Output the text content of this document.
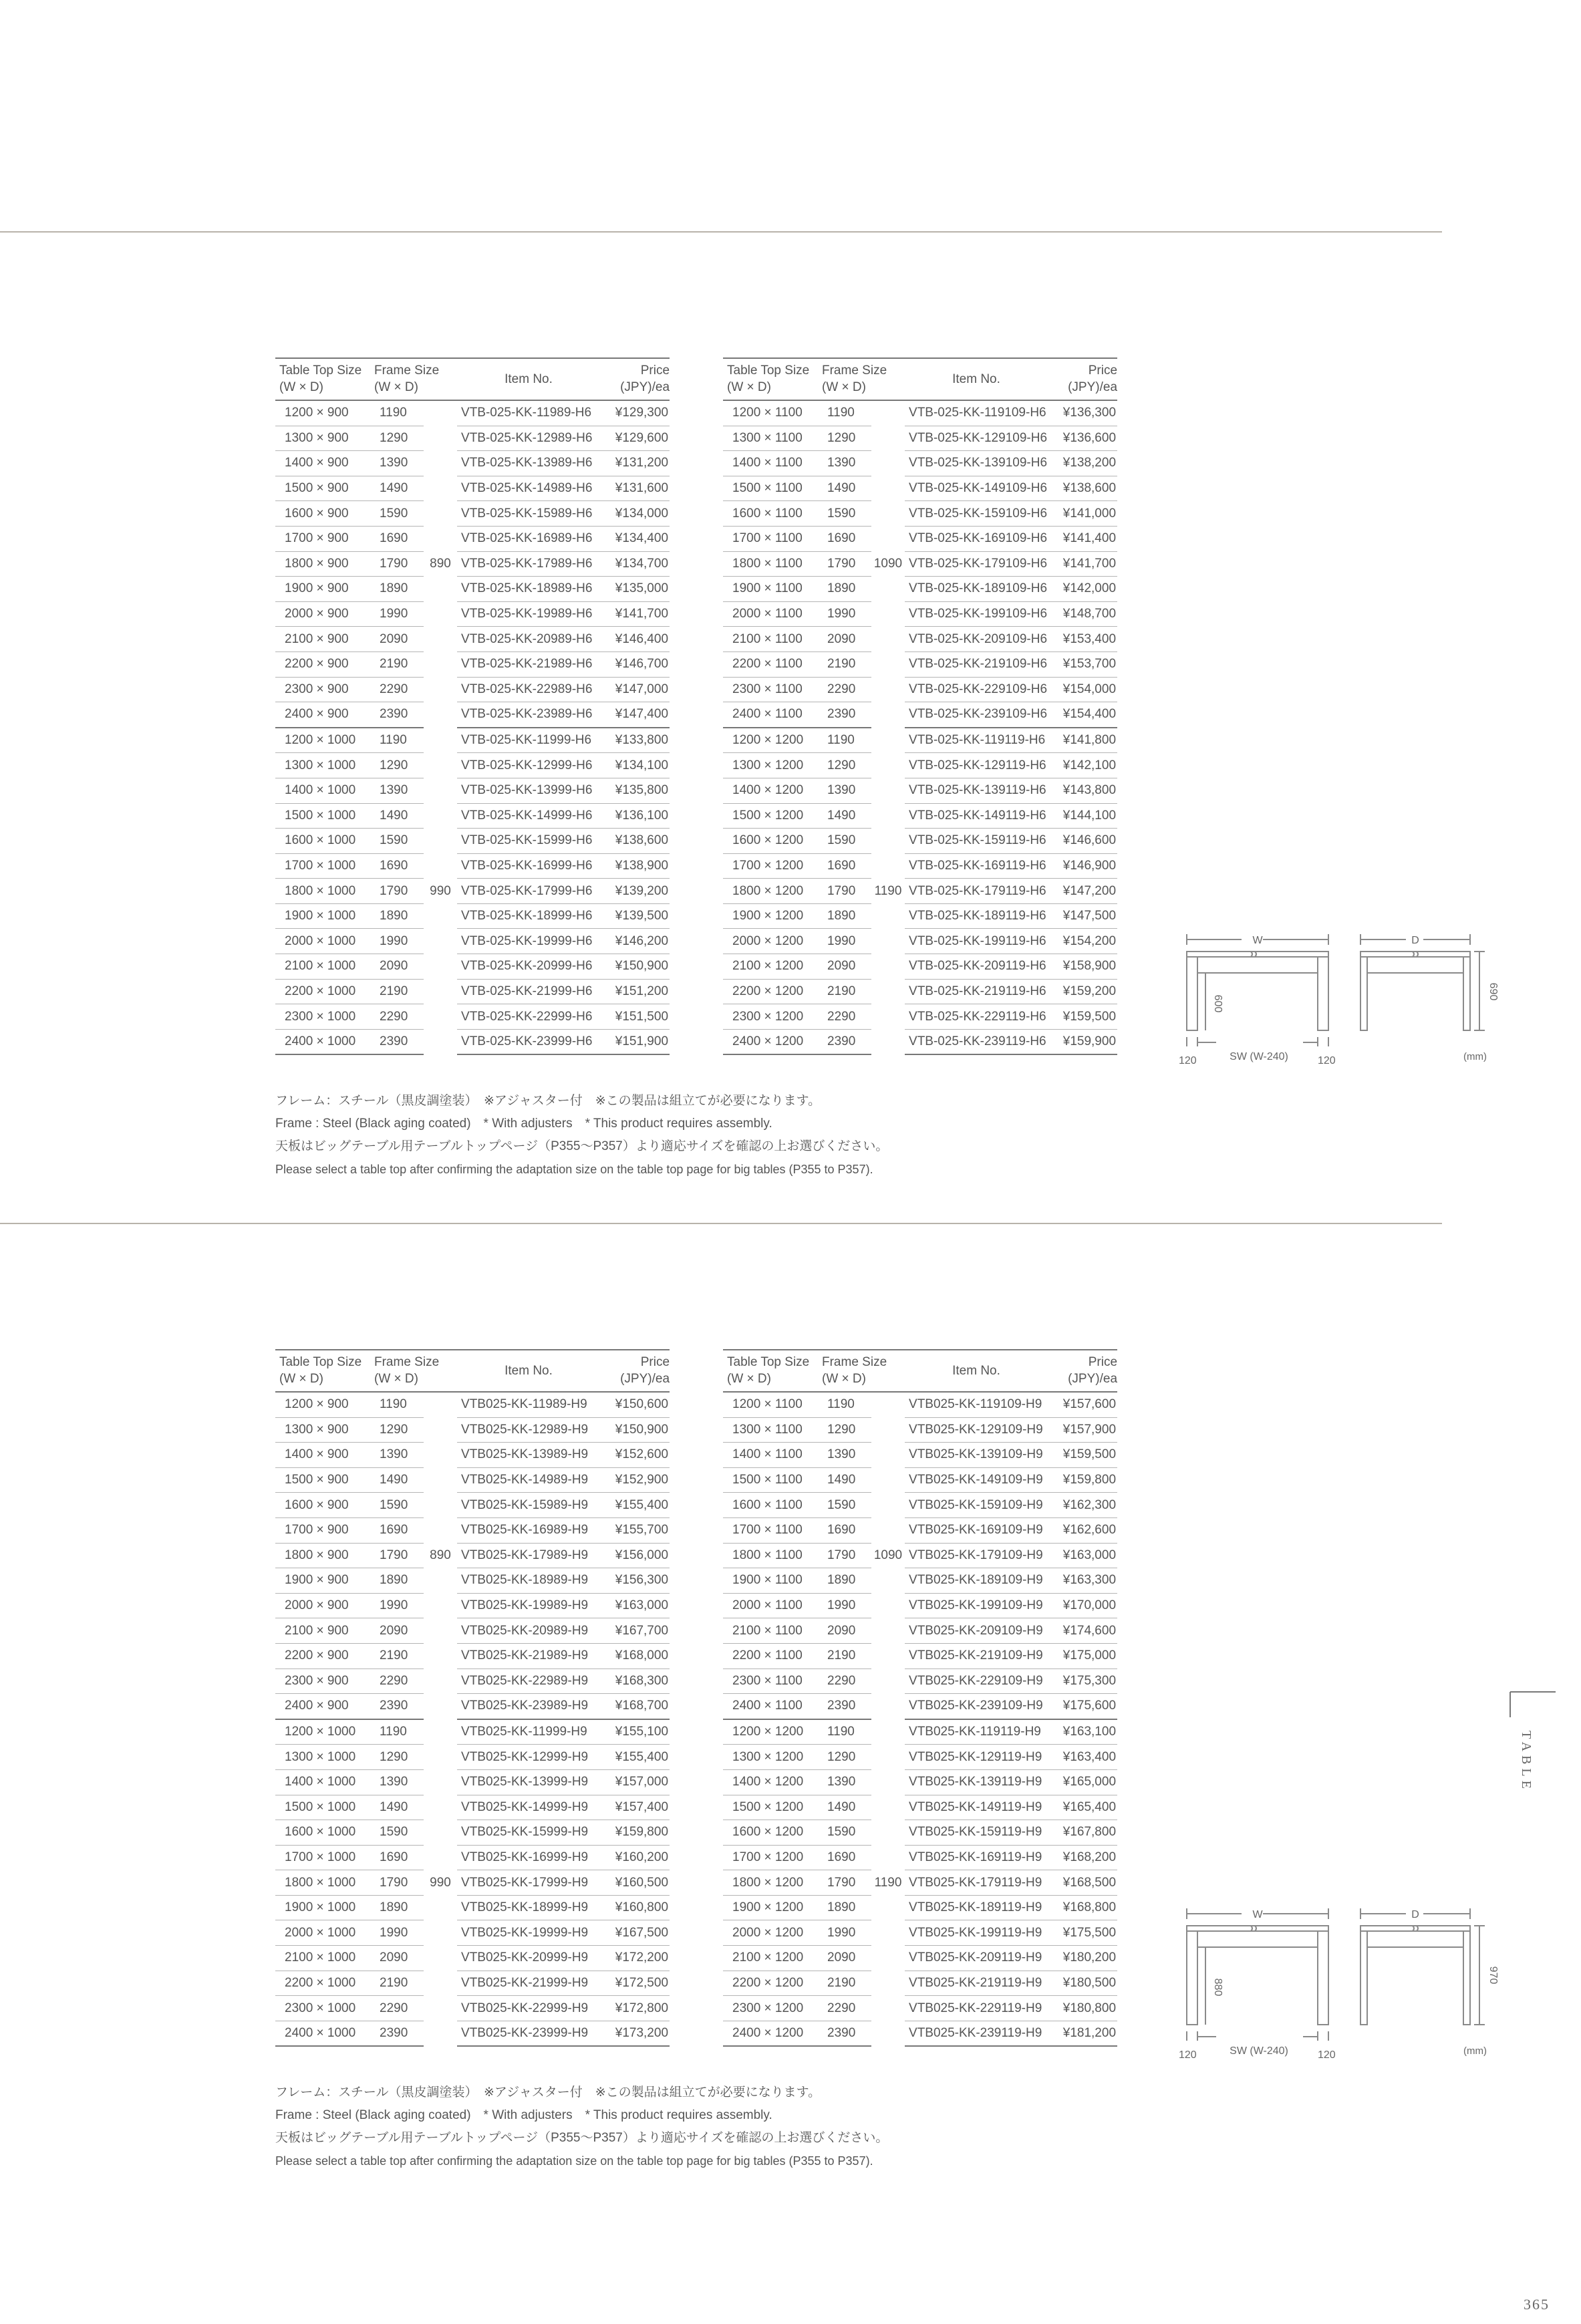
Table Top Size
(W × D)	Frame Size
(W × D)		Item No.	Price
(JPY)/ea

1200 × 900	1190	890	VTB-025-KK-11989-H6	¥129,300
1300 × 900	1290		VTB-025-KK-12989-H6	¥129,600
1400 × 900	1390		VTB-025-KK-13989-H6	¥131,200
1500 × 900	1490		VTB-025-KK-14989-H6	¥131,600
1600 × 900	1590		VTB-025-KK-15989-H6	¥134,000
1700 × 900	1690		VTB-025-KK-16989-H6	¥134,400
1800 × 900	1790		VTB-025-KK-17989-H6	¥134,700
1900 × 900	1890		VTB-025-KK-18989-H6	¥135,000
2000 × 900	1990		VTB-025-KK-19989-H6	¥141,700
2100 × 900	2090		VTB-025-KK-20989-H6	¥146,400
2200 × 900	2190		VTB-025-KK-21989-H6	¥146,700
2300 × 900	2290		VTB-025-KK-22989-H6	¥147,000
2400 × 900	2390		VTB-025-KK-23989-H6	¥147,400
1200 × 1000	1190	990	VTB-025-KK-11999-H6	¥133,800
1300 × 1000	1290		VTB-025-KK-12999-H6	¥134,100
1400 × 1000	1390		VTB-025-KK-13999-H6	¥135,800
1500 × 1000	1490		VTB-025-KK-14999-H6	¥136,100
1600 × 1000	1590		VTB-025-KK-15999-H6	¥138,600
1700 × 1000	1690		VTB-025-KK-16999-H6	¥138,900
1800 × 1000	1790		VTB-025-KK-17999-H6	¥139,200
1900 × 1000	1890		VTB-025-KK-18999-H6	¥139,500
2000 × 1000	1990		VTB-025-KK-19999-H6	¥146,200
2100 × 1000	2090		VTB-025-KK-20999-H6	¥150,900
2200 × 1000	2190		VTB-025-KK-21999-H6	¥151,200
2300 × 1000	2290		VTB-025-KK-22999-H6	¥151,500
2400 × 1000	2390		VTB-025-KK-23999-H6	¥151,900
Table Top Size
(W × D)	Frame Size
(W × D)		Item No.	Price
(JPY)/ea

1200 × 1100	1190	1090	VTB-025-KK-119109-H6	¥136,300
1300 × 1100	1290		VTB-025-KK-129109-H6	¥136,600
1400 × 1100	1390		VTB-025-KK-139109-H6	¥138,200
1500 × 1100	1490		VTB-025-KK-149109-H6	¥138,600
1600 × 1100	1590		VTB-025-KK-159109-H6	¥141,000
1700 × 1100	1690		VTB-025-KK-169109-H6	¥141,400
1800 × 1100	1790		VTB-025-KK-179109-H6	¥141,700
1900 × 1100	1890		VTB-025-KK-189109-H6	¥142,000
2000 × 1100	1990		VTB-025-KK-199109-H6	¥148,700
2100 × 1100	2090		VTB-025-KK-209109-H6	¥153,400
2200 × 1100	2190		VTB-025-KK-219109-H6	¥153,700
2300 × 1100	2290		VTB-025-KK-229109-H6	¥154,000
2400 × 1100	2390		VTB-025-KK-239109-H6	¥154,400
1200 × 1200	1190	1190	VTB-025-KK-119119-H6	¥141,800
1300 × 1200	1290		VTB-025-KK-129119-H6	¥142,100
1400 × 1200	1390		VTB-025-KK-139119-H6	¥143,800
1500 × 1200	1490		VTB-025-KK-149119-H6	¥144,100
1600 × 1200	1590		VTB-025-KK-159119-H6	¥146,600
1700 × 1200	1690		VTB-025-KK-169119-H6	¥146,900
1800 × 1200	1790		VTB-025-KK-179119-H6	¥147,200
1900 × 1200	1890		VTB-025-KK-189119-H6	¥147,500
2000 × 1200	1990		VTB-025-KK-199119-H6	¥154,200
2100 × 1200	2090		VTB-025-KK-209119-H6	¥158,900
2200 × 1200	2190		VTB-025-KK-219119-H6	¥159,200
2300 × 1200	2290		VTB-025-KK-229119-H6	¥159,500
2400 × 1200	2390		VTB-025-KK-239119-H6	¥159,900
フレーム：スチール（黒皮調塗装）　※アジャスター付　※この製品は組立てが必要になります。
Frame : Steel (Black aging coated)　* With adjusters　* This product requires assembly.
天板はビッグテーブル用テーブルトップページ（P355〜P357）より適応サイズを確認の上お選びください。
Please select a table top after confirming the adaptation size on the table top page for big tables (P355 to P357).
W	D
600
690
120	SW (W-240)	120	(mm)
Table Top Size
(W × D)	Frame Size
(W × D)		Item No.	Price
(JPY)/ea

1200 × 900	1190	890	VTB025-KK-11989-H9	¥150,600
1300 × 900	1290		VTB025-KK-12989-H9	¥150,900
1400 × 900	1390		VTB025-KK-13989-H9	¥152,600
1500 × 900	1490		VTB025-KK-14989-H9	¥152,900
1600 × 900	1590		VTB025-KK-15989-H9	¥155,400
1700 × 900	1690		VTB025-KK-16989-H9	¥155,700
1800 × 900	1790		VTB025-KK-17989-H9	¥156,000
1900 × 900	1890		VTB025-KK-18989-H9	¥156,300
2000 × 900	1990		VTB025-KK-19989-H9	¥163,000
2100 × 900	2090		VTB025-KK-20989-H9	¥167,700
2200 × 900	2190		VTB025-KK-21989-H9	¥168,000
2300 × 900	2290		VTB025-KK-22989-H9	¥168,300
2400 × 900	2390		VTB025-KK-23989-H9	¥168,700
1200 × 1000	1190	990	VTB025-KK-11999-H9	¥155,100
1300 × 1000	1290		VTB025-KK-12999-H9	¥155,400
1400 × 1000	1390		VTB025-KK-13999-H9	¥157,000
1500 × 1000	1490		VTB025-KK-14999-H9	¥157,400
1600 × 1000	1590		VTB025-KK-15999-H9	¥159,800
1700 × 1000	1690		VTB025-KK-16999-H9	¥160,200
1800 × 1000	1790		VTB025-KK-17999-H9	¥160,500
1900 × 1000	1890		VTB025-KK-18999-H9	¥160,800
2000 × 1000	1990		VTB025-KK-19999-H9	¥167,500
2100 × 1000	2090		VTB025-KK-20999-H9	¥172,200
2200 × 1000	2190		VTB025-KK-21999-H9	¥172,500
2300 × 1000	2290		VTB025-KK-22999-H9	¥172,800
2400 × 1000	2390		VTB025-KK-23999-H9	¥173,200
Table Top Size
(W × D)	Frame Size
(W × D)		Item No.	Price
(JPY)/ea

1200 × 1100	1190	1090	VTB025-KK-119109-H9	¥157,600
1300 × 1100	1290		VTB025-KK-129109-H9	¥157,900
1400 × 1100	1390		VTB025-KK-139109-H9	¥159,500
1500 × 1100	1490		VTB025-KK-149109-H9	¥159,800
1600 × 1100	1590		VTB025-KK-159109-H9	¥162,300
1700 × 1100	1690		VTB025-KK-169109-H9	¥162,600
1800 × 1100	1790		VTB025-KK-179109-H9	¥163,000
1900 × 1100	1890		VTB025-KK-189109-H9	¥163,300
2000 × 1100	1990		VTB025-KK-199109-H9	¥170,000
2100 × 1100	2090		VTB025-KK-209109-H9	¥174,600
2200 × 1100	2190		VTB025-KK-219109-H9	¥175,000
2300 × 1100	2290		VTB025-KK-229109-H9	¥175,300
2400 × 1100	2390		VTB025-KK-239109-H9	¥175,600
1200 × 1200	1190	1190	VTB025-KK-119119-H9	¥163,100
1300 × 1200	1290		VTB025-KK-129119-H9	¥163,400
1400 × 1200	1390		VTB025-KK-139119-H9	¥165,000
1500 × 1200	1490		VTB025-KK-149119-H9	¥165,400
1600 × 1200	1590		VTB025-KK-159119-H9	¥167,800
1700 × 1200	1690		VTB025-KK-169119-H9	¥168,200
1800 × 1200	1790		VTB025-KK-179119-H9	¥168,500
1900 × 1200	1890		VTB025-KK-189119-H9	¥168,800
2000 × 1200	1990		VTB025-KK-199119-H9	¥175,500
2100 × 1200	2090		VTB025-KK-209119-H9	¥180,200
2200 × 1200	2190		VTB025-KK-219119-H9	¥180,500
2300 × 1200	2290		VTB025-KK-229119-H9	¥180,800
2400 × 1200	2390		VTB025-KK-239119-H9	¥181,200
フレーム：スチール（黒皮調塗装）　※アジャスター付　※この製品は組立てが必要になります。
Frame : Steel (Black aging coated)　* With adjusters　* This product requires assembly.
天板はビッグテーブル用テーブルトップページ（P355〜P357）より適応サイズを確認の上お選びください。
Please select a table top after confirming the adaptation size on the table top page for big tables (P355 to P357).
W	D
880
970
120	SW (W-240)	120	(mm)
TABLE
365
